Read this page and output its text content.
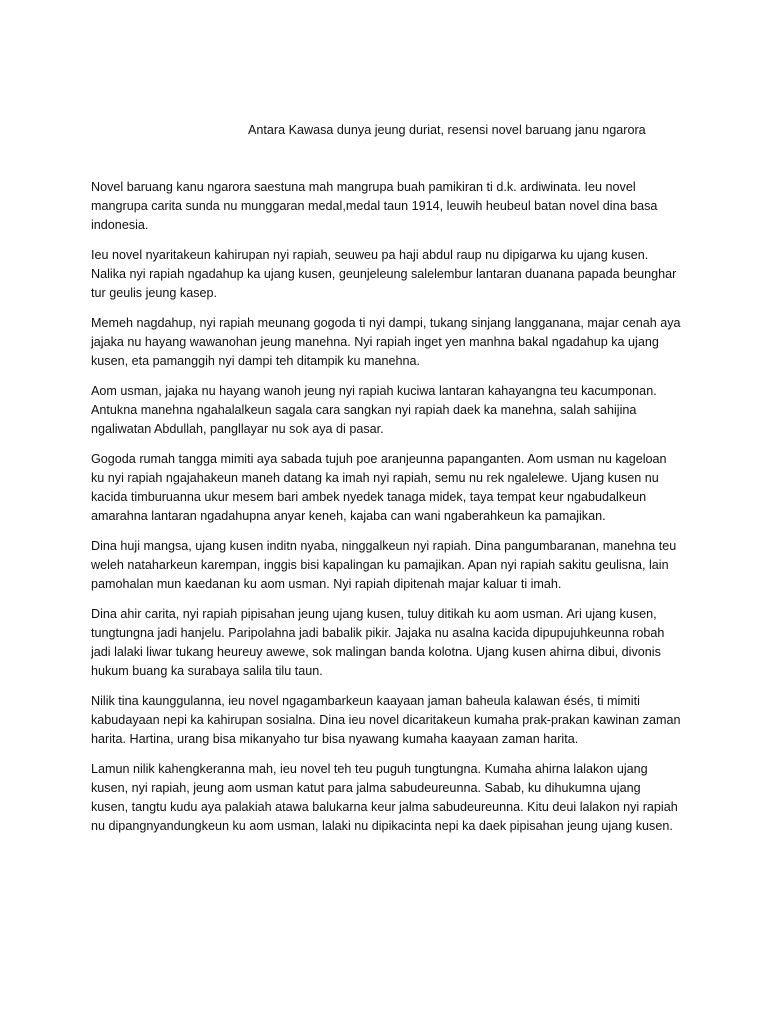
Antara Kawasa dunya jeung duriat, resensi novel baruang janu ngarora

Novel baruang kanu ngarora saestuna mah mangrupa buah pamikiran ti d.k. ardiwinata. Ieu novel mangrupa carita sunda nu munggaran medal,medal taun 1914, leuwih heubeul batan novel dina basa indonesia.

Ieu novel nyaritakeun kahirupan nyi rapiah, seuweu pa haji abdul raup nu dipigarwa ku ujang kusen. Nalika nyi rapiah ngadahup ka ujang kusen, geunjeleung salelembur lantaran duanana papada beunghar tur geulis jeung kasep.

Memeh nagdahup, nyi rapiah meunang gogoda ti nyi dampi, tukang sinjang langganana, majar cenah aya jajaka nu hayang wawanohan jeung manehna. Nyi rapiah inget yen manhna bakal ngadahup ka ujang kusen, eta pamanggih nyi dampi teh ditampik ku manehna.

Aom usman, jajaka nu hayang wanoh jeung nyi rapiah kuciwa lantaran kahayangna teu kacumponan. Antukna manehna ngahalalkeun sagala cara sangkan nyi rapiah daek ka manehna, salah sahijina ngaliwatan Abdullah, pangllayar nu sok aya di pasar.

Gogoda rumah tangga mimiti aya sabada tujuh poe aranjeunna papanganten. Aom usman nu kageloan ku nyi rapiah ngajahakeun maneh datang ka imah nyi rapiah, semu nu rek ngalelewe. Ujang kusen nu kacida timburuanna ukur mesem bari ambek nyedek tanaga midek, taya tempat keur ngabudalkeun amarahna lantaran ngadahupna anyar keneh, kajaba can wani ngaberahkeun ka pamajikan.

Dina huji mangsa, ujang kusen inditn nyaba, ninggalkeun nyi rapiah. Dina pangumbaranan, manehna teu weleh nataharkeun karempan, inggis bisi kapalingan ku pamajikan. Apan nyi rapiah sakitu geulisna, lain pamohalan mun kaedanan ku aom usman. Nyi rapiah dipitenah majar kaluar ti imah.

Dina ahir carita, nyi rapiah pipisahan jeung ujang kusen, tuluy ditikah ku aom usman. Ari ujang kusen, tungtungna jadi hanjelu. Paripolahna jadi babalik pikir. Jajaka nu asalna kacida dipupujuhkeunna robah jadi lalaki liwar tukang heureuy awewe, sok malingan banda kolotna. Ujang kusen ahirna dibui, divonis hukum buang ka surabaya salila tilu taun.

Nilik tina kaunggulanna, ieu novel ngagambarkeun kaayaan jaman baheula kalawan ésés, ti mimiti kabudayaan nepi ka kahirupan sosialna. Dina ieu novel dicaritakeun kumaha prak-prakan kawinan zaman harita. Hartina, urang bisa mikanyaho tur bisa nyawang kumaha kaayaan zaman harita.

Lamun nilik kahengkeranna mah, ieu novel teh teu puguh tungtungna. Kumaha ahirna lalakon ujang kusen, nyi rapiah, jeung aom usman katut para jalma sabudeureunna. Sabab, ku dihukumna ujang kusen, tangtu kudu aya palakiah atawa balukarna keur jalma sabudeureunna. Kitu deui lalakon nyi rapiah nu dipangnyandungkeun ku aom usman, lalaki nu dipikacinta nepi ka daek pipisahan jeung ujang kusen.
